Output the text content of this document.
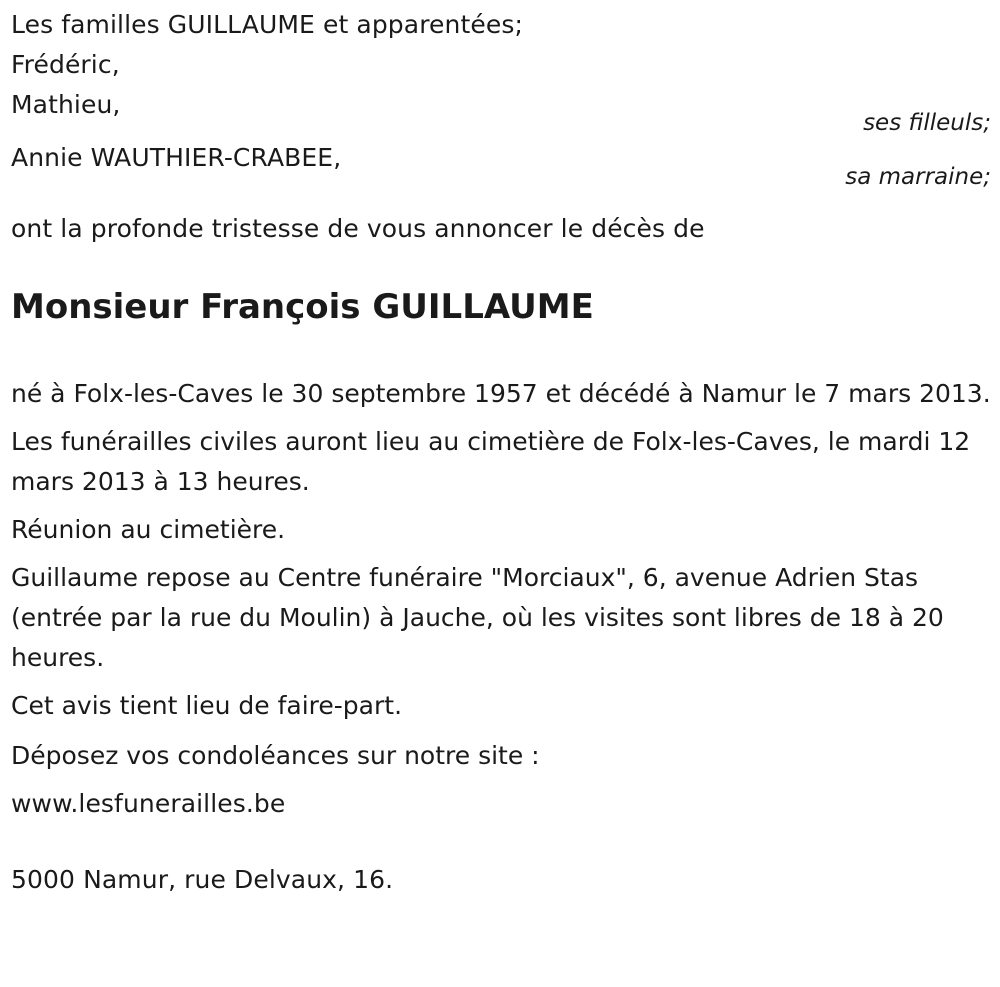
Les familles GUILLAUME et apparentées;
Frédéric,
Mathieu,
ses filleuls;
Annie WAUTHIER-CRABEE,
sa marraine;
ont la profonde tristesse de vous annoncer le décès de
Monsieur François GUILLAUME
né à Folx-les-Caves le 30 septembre 1957 et décédé à Namur le 7 mars 2013.
Les funérailles civiles auront lieu au cimetière de Folx-les-Caves, le mardi 12 mars 2013 à 13 heures.
Réunion au cimetière.
Guillaume repose au Centre funéraire "Morciaux", 6, avenue Adrien Stas (entrée par la rue du Moulin) à Jauche, où les visites sont libres de 18 à 20 heures.
Cet avis tient lieu de faire-part.
Déposez vos condoléances sur notre site :
www.lesfunerailles.be
5000 Namur, rue Delvaux, 16.
